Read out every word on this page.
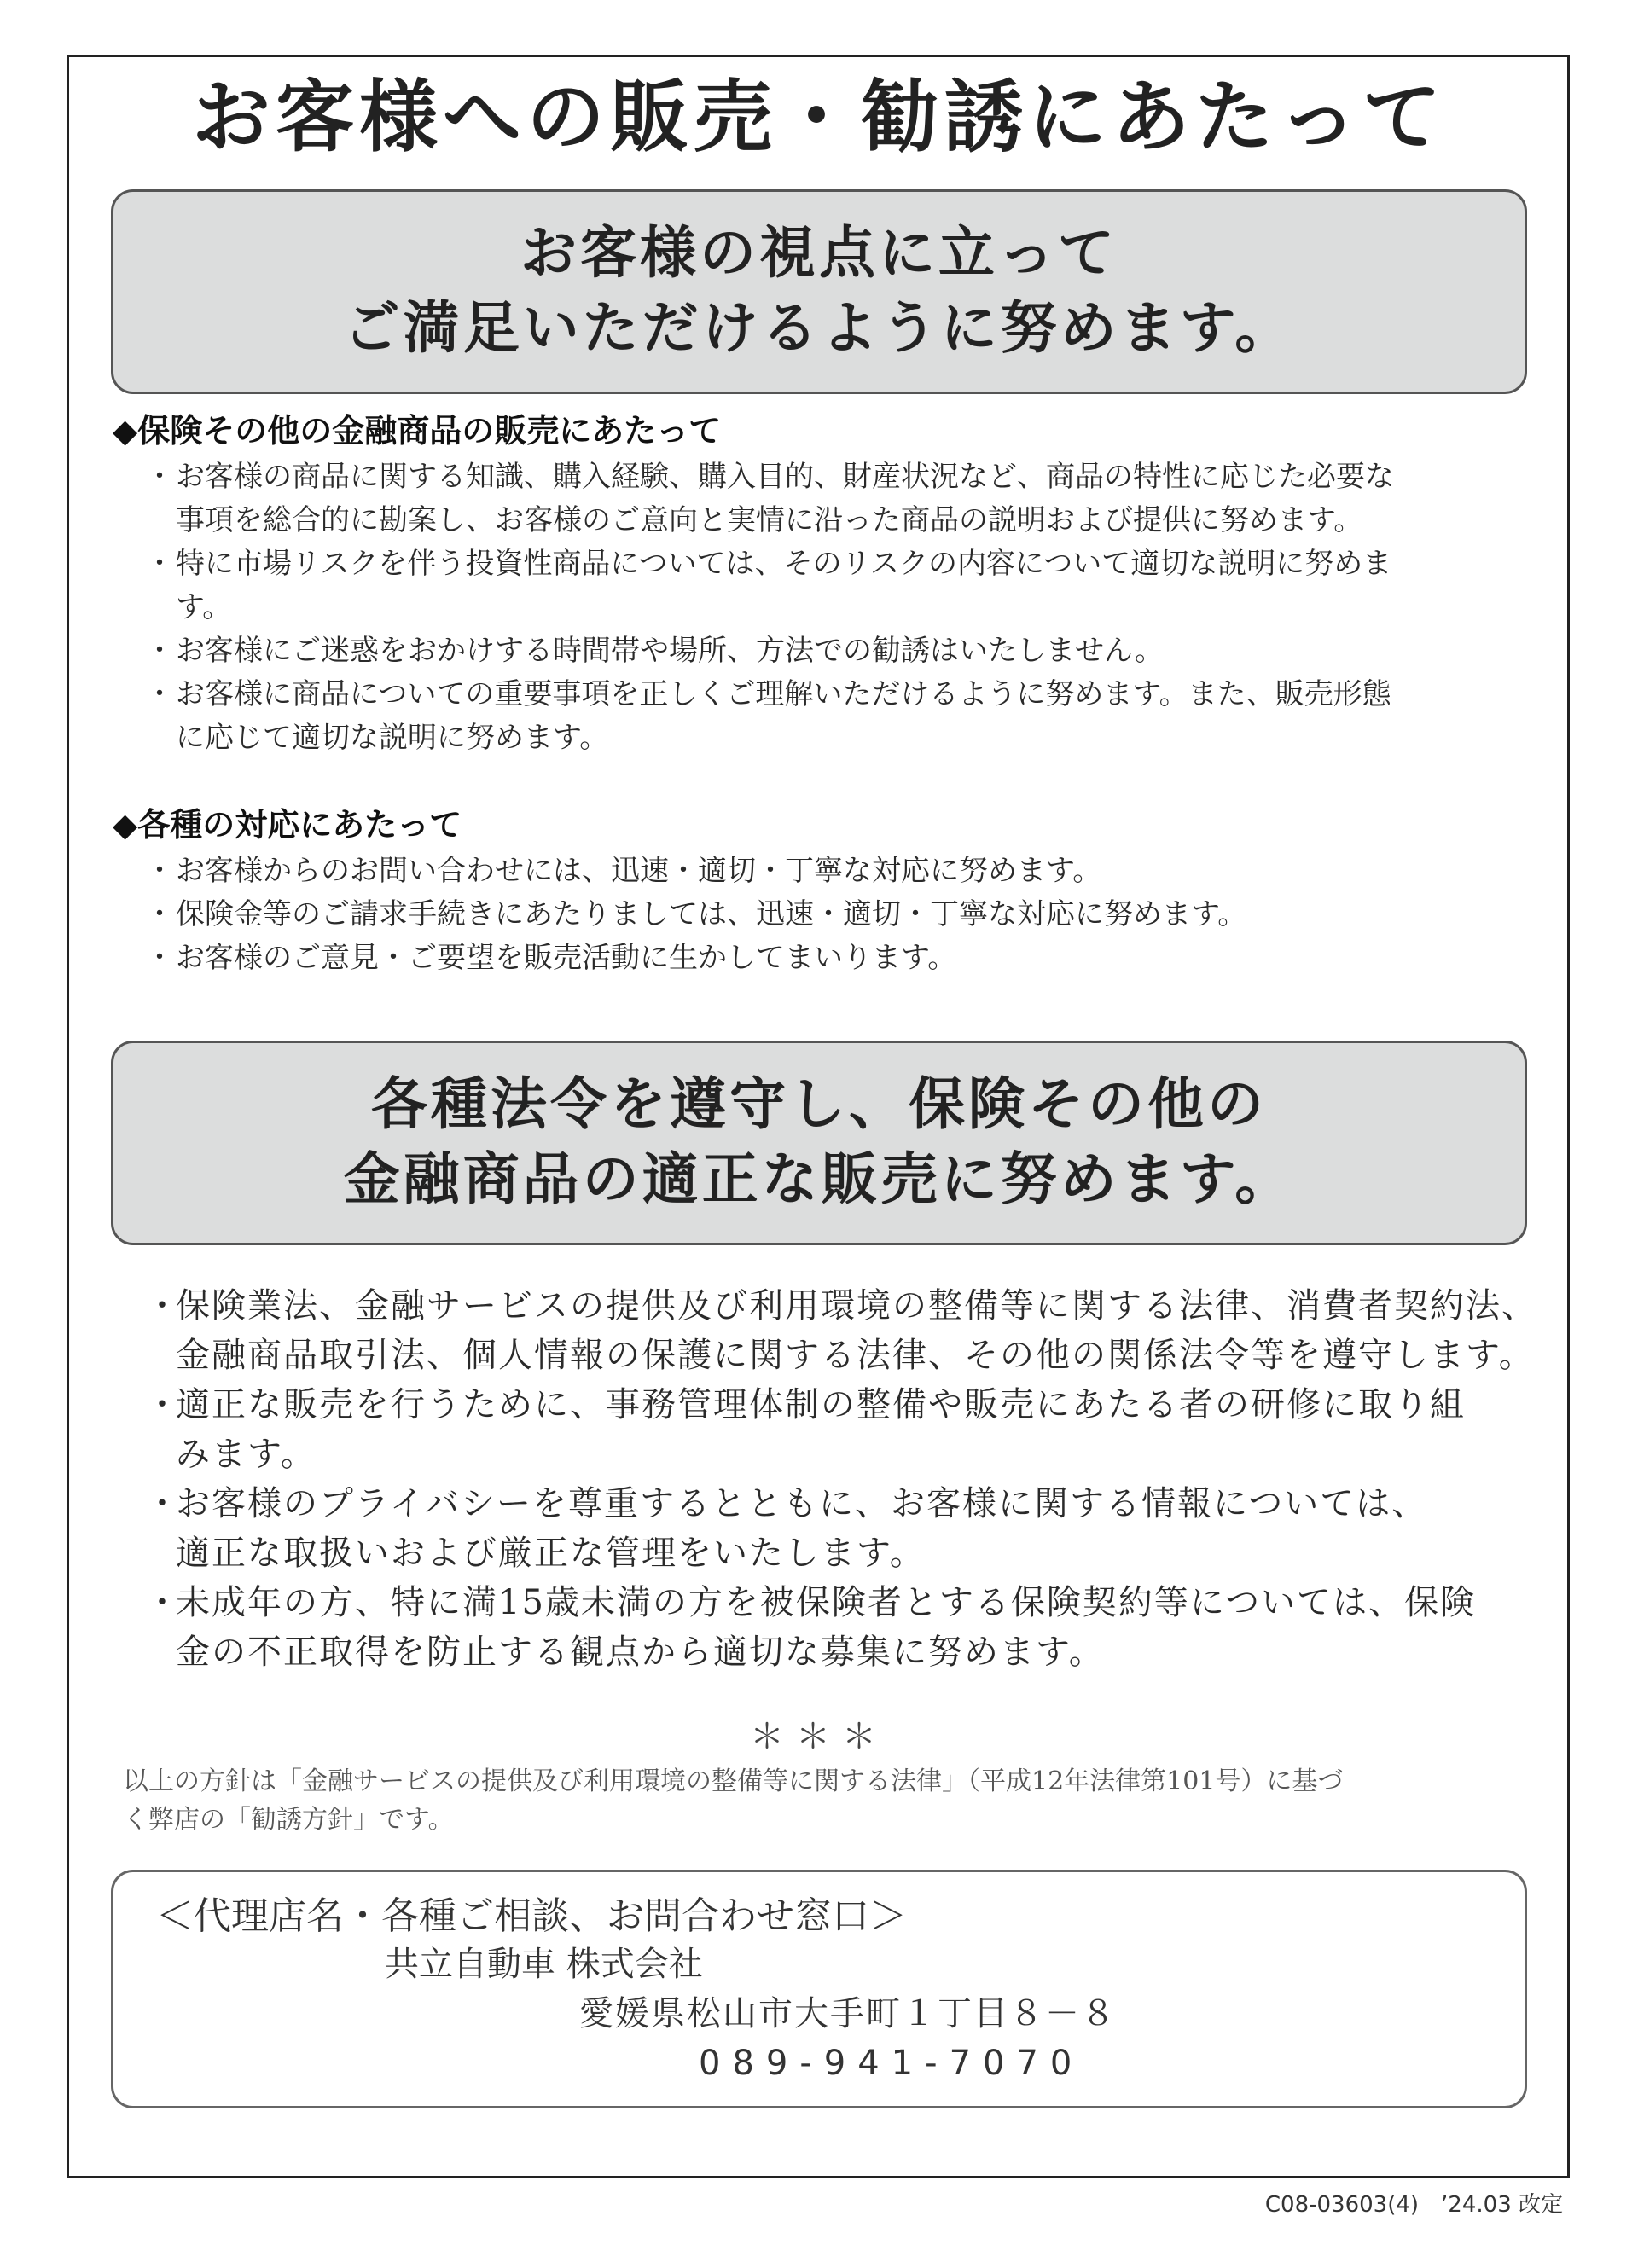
お客様への販売・勧誘にあたって
お客様の視点に立って
ご満足いただけるように努めます。
◆保険その他の金融商品の販売にあたって
・ お客様の商品に関する知識、購入経験、購入目的、財産状況など、商品の特性に応じた必要な
事項を総合的に勘案し、お客様のご意向と実情に沿った商品の説明および提供に努めます。
・ 特に市場リスクを伴う投資性商品については、そのリスクの内容について適切な説明に努めま
す。
・ お客様にご迷惑をおかけする時間帯や場所、方法での勧誘はいたしません。
・ お客様に商品についての重要事項を正しくご理解いただけるように努めます。また、販売形態
に応じて適切な説明に努めます。
◆各種の対応にあたって
・ お客様からのお問い合わせには、迅速・適切・丁寧な対応に努めます。
・ 保険金等のご請求手続きにあたりましては、迅速・適切・丁寧な対応に努めます。
・ お客様のご意見・ご要望を販売活動に生かしてまいります。
各種法令を遵守し、保険その他の
金融商品の適正な販売に努めます。
・ 保険業法、金融サービスの提供及び利用環境の整備等に関する法律、消費者契約法、
金融商品取引法、個人情報の保護に関する法律、その他の関係法令等を遵守します。
・ 適正な販売を行うために、事務管理体制の整備や販売にあたる者の研修に取り組
みます。
・ お客様のプライバシーを尊重するとともに、お客様に関する情報については、
適正な取扱いおよび厳正な管理をいたします。
・ 未成年の方、特に満15歳未満の方を被保険者とする保険契約等については、保険
金の不正取得を防止する観点から適切な募集に努めます。
＊＊＊
以上の方針は「金融サービスの提供及び利用環境の整備等に関する法律」（平成12年法律第101号）に基づ
く弊店の「勧誘方針」です。
＜代理店名・各種ご相談、お問合わせ窓口＞
共立自動車 株式会社
愛媛県松山市大手町１丁目８－８
089-941-7070
C08-03603(4)　’24.03 改定
